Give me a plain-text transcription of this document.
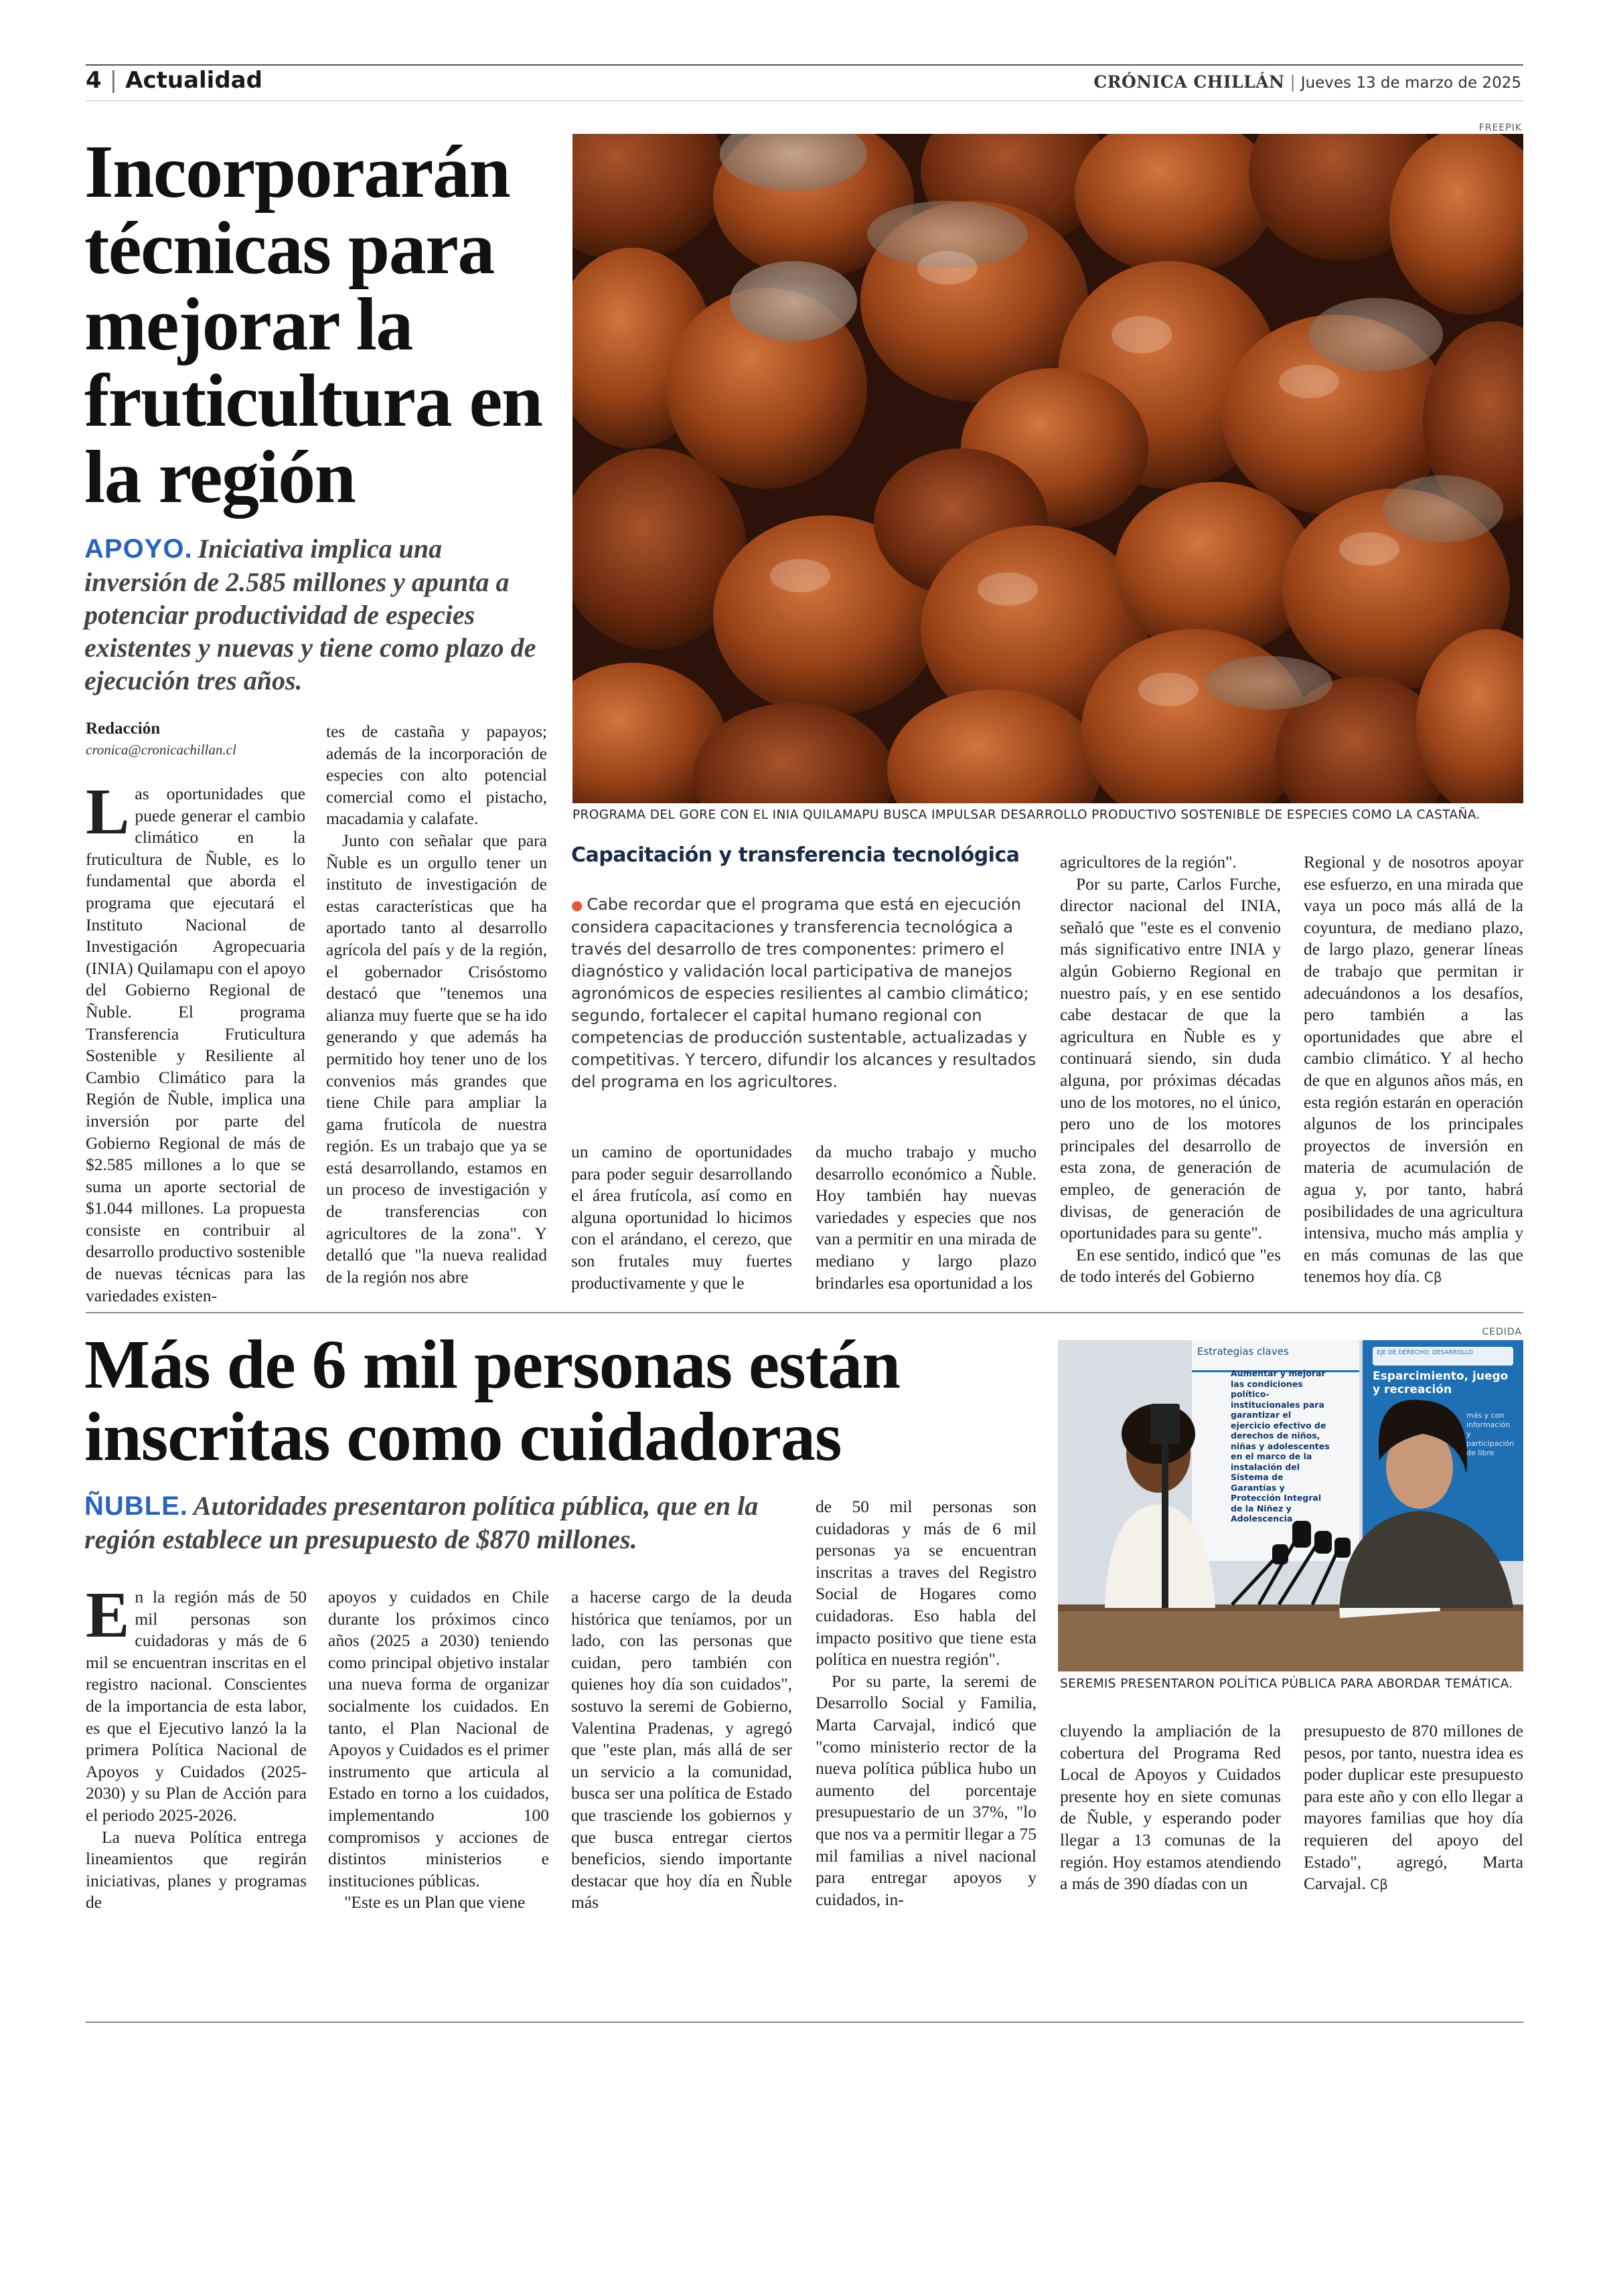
4 | Actualidad	CRÓNICA CHILLÁN | Jueves 13 de marzo de 2025
FREEPIK
Incorporarán técnicas para mejorar la fruticultura en la región
APOYO. Iniciativa implica una inversión de 2.585 millones y apunta a potenciar productividad de especies existentes y nuevas y tiene como plazo de ejecución tres años.
Redacción
cronica@cronicachillan.cl
PROGRAMA DEL GORE CON EL INIA QUILAMAPU BUSCA IMPULSAR DESARROLLO PRODUCTIVO SOSTENIBLE DE ESPECIES COMO LA CASTAÑA.

Las oportunidades que puede generar el cambio climático en la fruticultura de Ñuble, es lo fundamental que aborda el programa que ejecutará el Instituto Nacional de Investigación Agropecuaria (INIA) Quilamapu con el apoyo del Gobierno Regional de Ñuble. El programa Transferencia Fruticultura Sostenible y Resiliente al Cambio Climático para la Región de Ñuble, implica una inversión por parte del Gobierno Regional de más de $2.585 millones a lo que se suma un aporte sectorial de $1.044 millones. La propuesta consiste en contribuir al desarrollo productivo sostenible de nuevas técnicas para las variedades existen-

tes de castaña y papayos; además de la incorporación de especies con alto potencial comercial como el pistacho, macadamia y calafate.

Junto con señalar que para Ñuble es un orgullo tener un instituto de investigación de estas características que ha aportado tanto al desarrollo agrícola del país y de la región, el gobernador Crisóstomo destacó que "tenemos una alianza muy fuerte que se ha ido generando y que además ha permitido hoy tener uno de los convenios más grandes que tiene Chile para ampliar la gama frutícola de nuestra región. Es un trabajo que ya se está desarrollando, estamos en un proceso de investigación y de transferencias con agricultores de la zona". Y detalló que "la nueva realidad de la región nos abre

Capacitación y transferencia tecnológica
● Cabe recordar que el programa que está en ejecución considera capacitaciones y transferencia tecnológica a través del desarrollo de tres componentes: primero el diagnóstico y validación local participativa de manejos agronómicos de especies resilientes al cambio climático; segundo, fortalecer el capital humano regional con competencias de producción sustentable, actualizadas y competitivas. Y tercero, difundir los alcances y resultados del programa en los agricultores.

un camino de oportunidades para poder seguir desarrollando el área frutícola, así como en alguna oportunidad lo hicimos con el arándano, el cerezo, que son frutales muy fuertes productivamente y que le

da mucho trabajo y mucho desarrollo económico a Ñuble. Hoy también hay nuevas variedades y especies que nos van a permitir en una mirada de mediano y largo plazo brindarles esa oportunidad a los

agricultores de la región".

Por su parte, Carlos Furche, director nacional del INIA, señaló que "este es el convenio más significativo entre INIA y algún Gobierno Regional en nuestro país, y en ese sentido cabe destacar de que la agricultura en Ñuble es y continuará siendo, sin duda alguna, por próximas décadas uno de los motores, no el único, pero uno de los motores principales del desarrollo de esta zona, de generación de empleo, de generación de divisas, de generación de oportunidades para su gente".

En ese sentido, indicó que "es de todo interés del Gobierno

Regional y de nosotros apoyar ese esfuerzo, en una mirada que vaya un poco más allá de la coyuntura, de mediano plazo, de largo plazo, generar líneas de trabajo que permitan ir adecuándonos a los desafíos, pero también a las oportunidades que abre el cambio climático. Y al hecho de que en algunos años más, en esta región estarán en operación algunos de los principales proyectos de inversión en materia de acumulación de agua y, por tanto, habrá posibilidades de una agricultura intensiva, mucho más amplia y en más comunas de las que tenemos hoy día. Cβ

CEDIDA
Más de 6 mil personas están inscritas como cuidadoras
ÑUBLE. Autoridades presentaron política pública, que en la región establece un presupuesto de $870 millones.
Estrategias claves
Aumentar y mejorar las condiciones político-institucionales para garantizar el ejercicio efectivo de derechos de niños, niñas y adolescentes en el marco de la instalación del Sistema de Garantías y Protección Integral de la Niñez y Adolescencia
EJE DE DERECHO: DESARROLLO
Esparcimiento, juego y recreación
más y con información y participación de libre
SEREMIS PRESENTARON POLÍTICA PÚBLICA PARA ABORDAR TEMÁTICA.

En la región más de 50 mil personas son cuidadoras y más de 6 mil se encuentran inscritas en el registro nacional. Conscientes de la importancia de esta labor, es que el Ejecutivo lanzó la la primera Política Nacional de Apoyos y Cuidados (2025-2030) y su Plan de Acción para el periodo 2025-2026.

La nueva Política entrega lineamientos que regirán iniciativas, planes y programas de

apoyos y cuidados en Chile durante los próximos cinco años (2025 a 2030) teniendo como principal objetivo instalar una nueva forma de organizar socialmente los cuidados. En tanto, el Plan Nacional de Apoyos y Cuidados es el primer instrumento que articula al Estado en torno a los cuidados, implementando 100 compromisos y acciones de distintos ministerios e instituciones públicas.

"Este es un Plan que viene

a hacerse cargo de la deuda histórica que teníamos, por un lado, con las personas que cuidan, pero también con quienes hoy día son cuidados", sostuvo la seremi de Gobierno, Valentina Pradenas, y agregó que "este plan, más allá de ser un servicio a la comunidad, busca ser una política de Estado que trasciende los gobiernos y que busca entregar ciertos beneficios, siendo importante destacar que hoy día en Ñuble más

de 50 mil personas son cuidadoras y más de 6 mil personas ya se encuentran inscritas a traves del Registro Social de Hogares como cuidadoras. Eso habla del impacto positivo que tiene esta política en nuestra región".

Por su parte, la seremi de Desarrollo Social y Familia, Marta Carvajal, indicó que "como ministerio rector de la nueva política pública hubo un aumento del porcentaje presupuestario de un 37%, "lo que nos va a permitir llegar a 75 mil familias a nivel nacional para entregar apoyos y cuidados, in-

cluyendo la ampliación de la cobertura del Programa Red Local de Apoyos y Cuidados presente hoy en siete comunas de Ñuble, y esperando poder llegar a 13 comunas de la región. Hoy estamos atendiendo a más de 390 díadas con un

presupuesto de 870 millones de pesos, por tanto, nuestra idea es poder duplicar este presupuesto para este año y con ello llegar a mayores familias que hoy día requieren del apoyo del Estado", agregó, Marta Carvajal. Cβ
